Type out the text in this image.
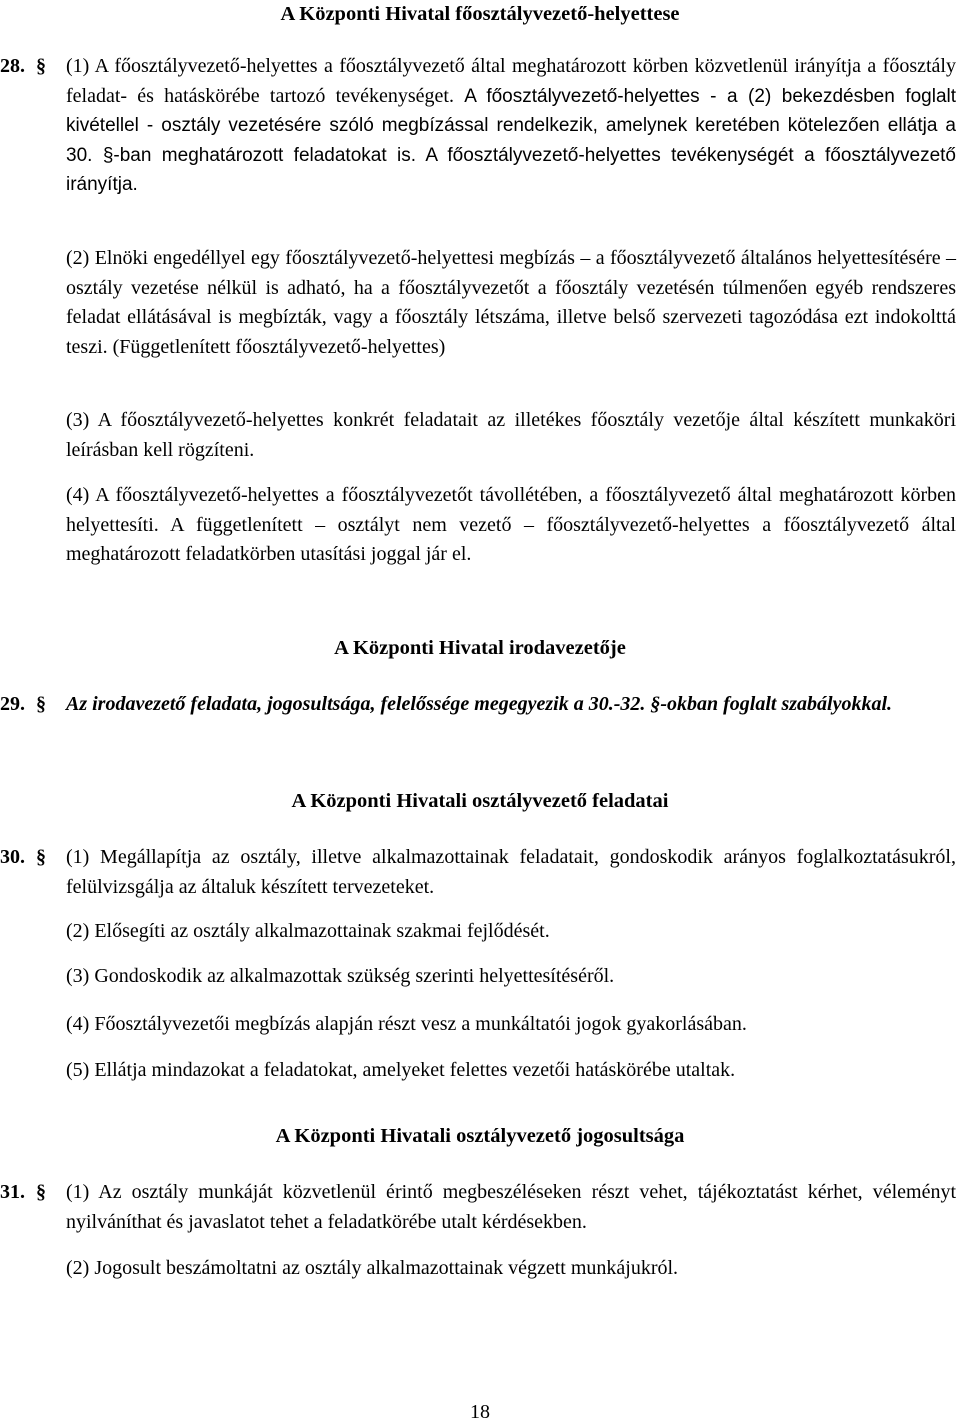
A Központi Hivatal főosztályvezető-helyettese
28. § (1) A főosztályvezető-helyettes a főosztályvezető által meghatározott körben közvetlenül irányítja a főosztály feladat- és hatáskörébe tartozó tevékenységet. A főosztályvezető-helyettes - a (2) bekezdésben foglalt kivétellel - osztály vezetésére szóló megbízással rendelkezik, amelynek keretében kötelezően ellátja a 30. §-ban meghatározott feladatokat is. A főosztályvezető-helyettes tevékenységét a főosztályvezető irányítja.

(2) Elnöki engedéllyel egy főosztályvezető-helyettesi megbízás – a főosztályvezető általános helyettesítésére – osztály vezetése nélkül is adható, ha a főosztályvezetőt a főosztály vezetésén túlmenően egyéb rendszeres feladat ellátásával is megbízták, vagy a főosztály létszáma, illetve belső szervezeti tagozódása ezt indokolttá teszi. (Függetlenített főosztályvezető-helyettes)

(3) A főosztályvezető-helyettes konkrét feladatait az illetékes főosztály vezetője által készített munkaköri leírásban kell rögzíteni.

(4) A főosztályvezető-helyettes a főosztályvezetőt távollétében, a főosztályvezető által meghatározott körben helyettesíti. A függetlenített – osztályt nem vezető – főosztályvezető-helyettes a főosztályvezető által meghatározott feladatkörben utasítási joggal jár el.

A Központi Hivatal irodavezetője
29. § Az irodavezető feladata, jogosultsága, felelőssége megegyezik a 30.-32. §-okban foglalt szabályokkal.

A Központi Hivatali osztályvezető feladatai
30. § (1) Megállapítja az osztály, illetve alkalmazottainak feladatait, gondoskodik arányos foglalkoztatásukról, felülvizsgálja az általuk készített tervezeteket.

(2) Elősegíti az osztály alkalmazottainak szakmai fejlődését.

(3) Gondoskodik az alkalmazottak szükség szerinti helyettesítéséről.

(4) Főosztályvezetői megbízás alapján részt vesz a munkáltatói jogok gyakorlásában.

(5) Ellátja mindazokat a feladatokat, amelyeket felettes vezetői hatáskörébe utaltak.

A Központi Hivatali osztályvezető jogosultsága
31. § (1) Az osztály munkáját közvetlenül érintő megbeszéléseken részt vehet, tájékoztatást kérhet, véleményt nyilváníthat és javaslatot tehet a feladatkörébe utalt kérdésekben.

(2) Jogosult beszámoltatni az osztály alkalmazottainak végzett munkájukról.

18
